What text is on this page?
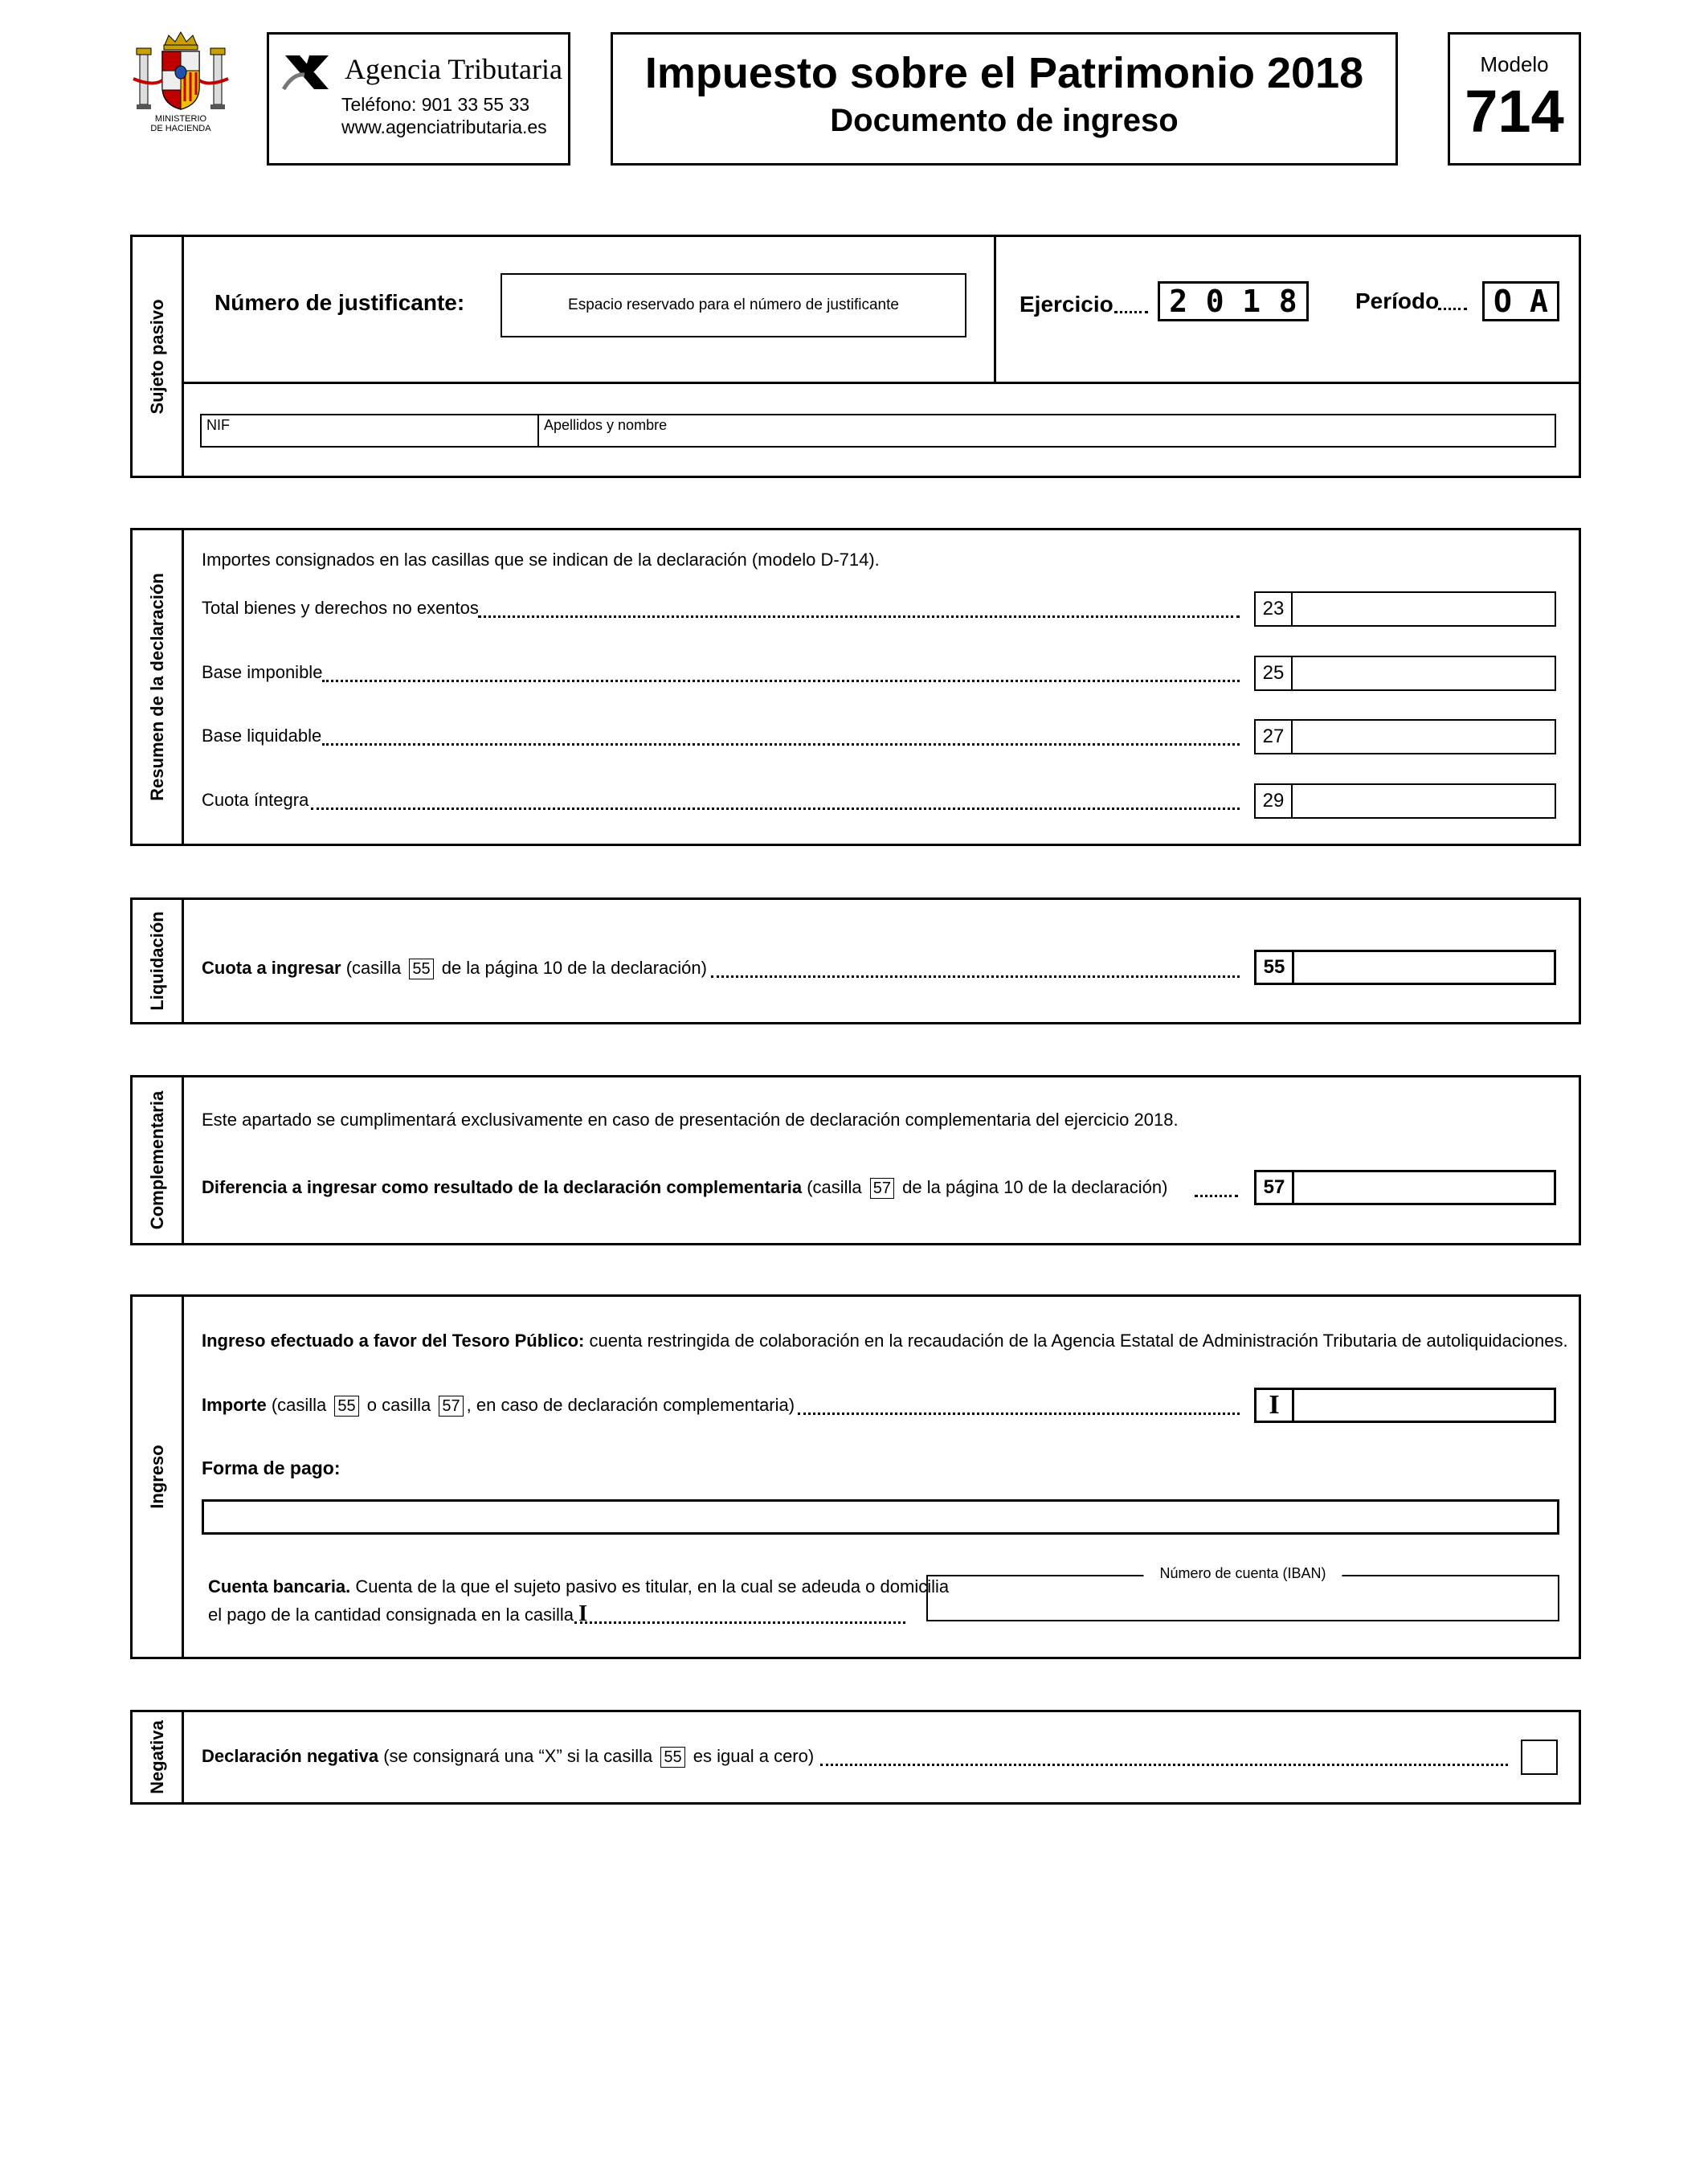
MINISTERIO
DE HACIENDA
Agencia Tributaria
Teléfono: 901 33 55 33
www.agenciatributaria.es
Impuesto sobre el Patrimonio 2018
Documento de ingreso
Modelo
714
Sujeto pasivo Número de justificante:	Espacio reservado para el número de justificante	Ejercicio 2 0 1 8	Período O A
NIF	Apellidos y nombre
Resumen de la declaración
Importes consignados en las casillas que se indican de la declaración (modelo D-714).
Total bienes y derechos no exentos	23
Base imponible	25
Base liquidable	27
Cuota íntegra	29
Liquidación Cuota a ingresar (casilla 55 de la página 10 de la declaración)	55
Complementaria Este apartado se cumplimentará exclusivamente en caso de presentación de declaración complementaria del ejercicio 2018.
Diferencia a ingresar como resultado de la declaración complementaria (casilla 57 de la página 10 de la declaración)	57
Ingreso
Ingreso efectuado a favor del Tesoro Público: cuenta restringida de colaboración en la recaudación de la Agencia Estatal de Administración Tributaria de autoliquidaciones.
Importe (casilla 55 o casilla 57 , en caso de declaración complementaria)	I
Forma de pago:
Cuenta bancaria. Cuenta de la que el sujeto pasivo es titular, en la cual se adeuda o domicilia
el pago de la cantidad consignada en la casilla I
Número de cuenta (IBAN)
Negativa Declaración negativa (se consignará una “X” si la casilla 55 es igual a cero)
